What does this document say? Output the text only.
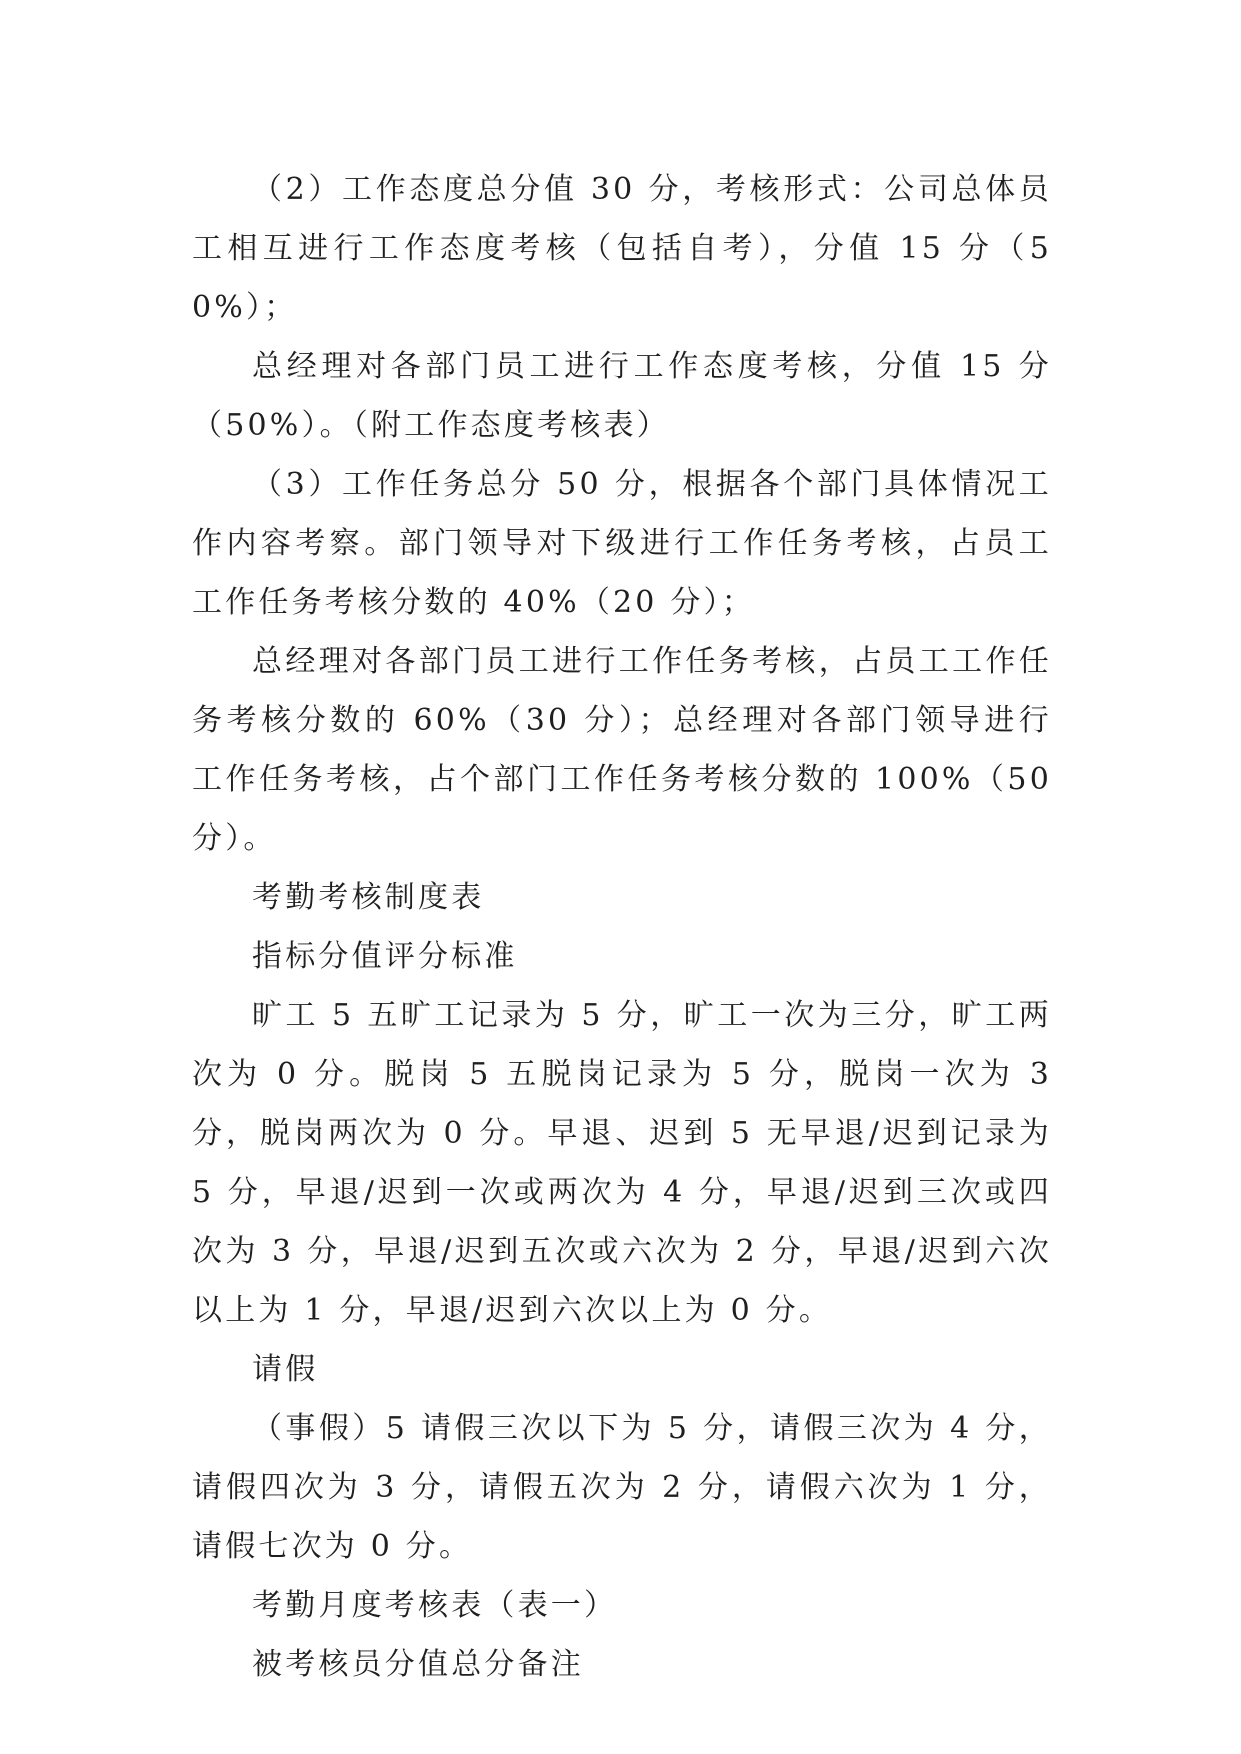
（2）工作态度总分值 30 分，考核形式：公司总体员工相互进行工作态度考核（包括自考），分值 15 分（50%）；

总经理对各部门员工进行工作态度考核，分值 15 分（50%）。（附工作态度考核表）

（3）工作任务总分 50 分，根据各个部门具体情况工作内容考察。部门领导对下级进行工作任务考核，占员工工作任务考核分数的 40%（20 分）；

总经理对各部门员工进行工作任务考核，占员工工作任务考核分数的 60%（30 分）；总经理对各部门领导进行工作任务考核，占个部门工作任务考核分数的 100%（50 分）。

考勤考核制度表

指标分值评分标准

旷工 5 五旷工记录为 5 分，旷工一次为三分，旷工两次为 0 分。脱岗 5 五脱岗记录为 5 分，脱岗一次为 3 分，脱岗两次为 0 分。早退、迟到 5 无早退/迟到记录为 5 分，早退/迟到一次或两次为 4 分，早退/迟到三次或四次为 3 分，早退/迟到五次或六次为 2 分，早退/迟到六次以上为 1 分，早退/迟到六次以上为 0 分。

请假

（事假）5 请假三次以下为 5 分，请假三次为 4 分，请假四次为 3 分，请假五次为 2 分，请假六次为 1 分，请假七次为 0 分。

考勤月度考核表（表一）

被考核员分值总分备注
